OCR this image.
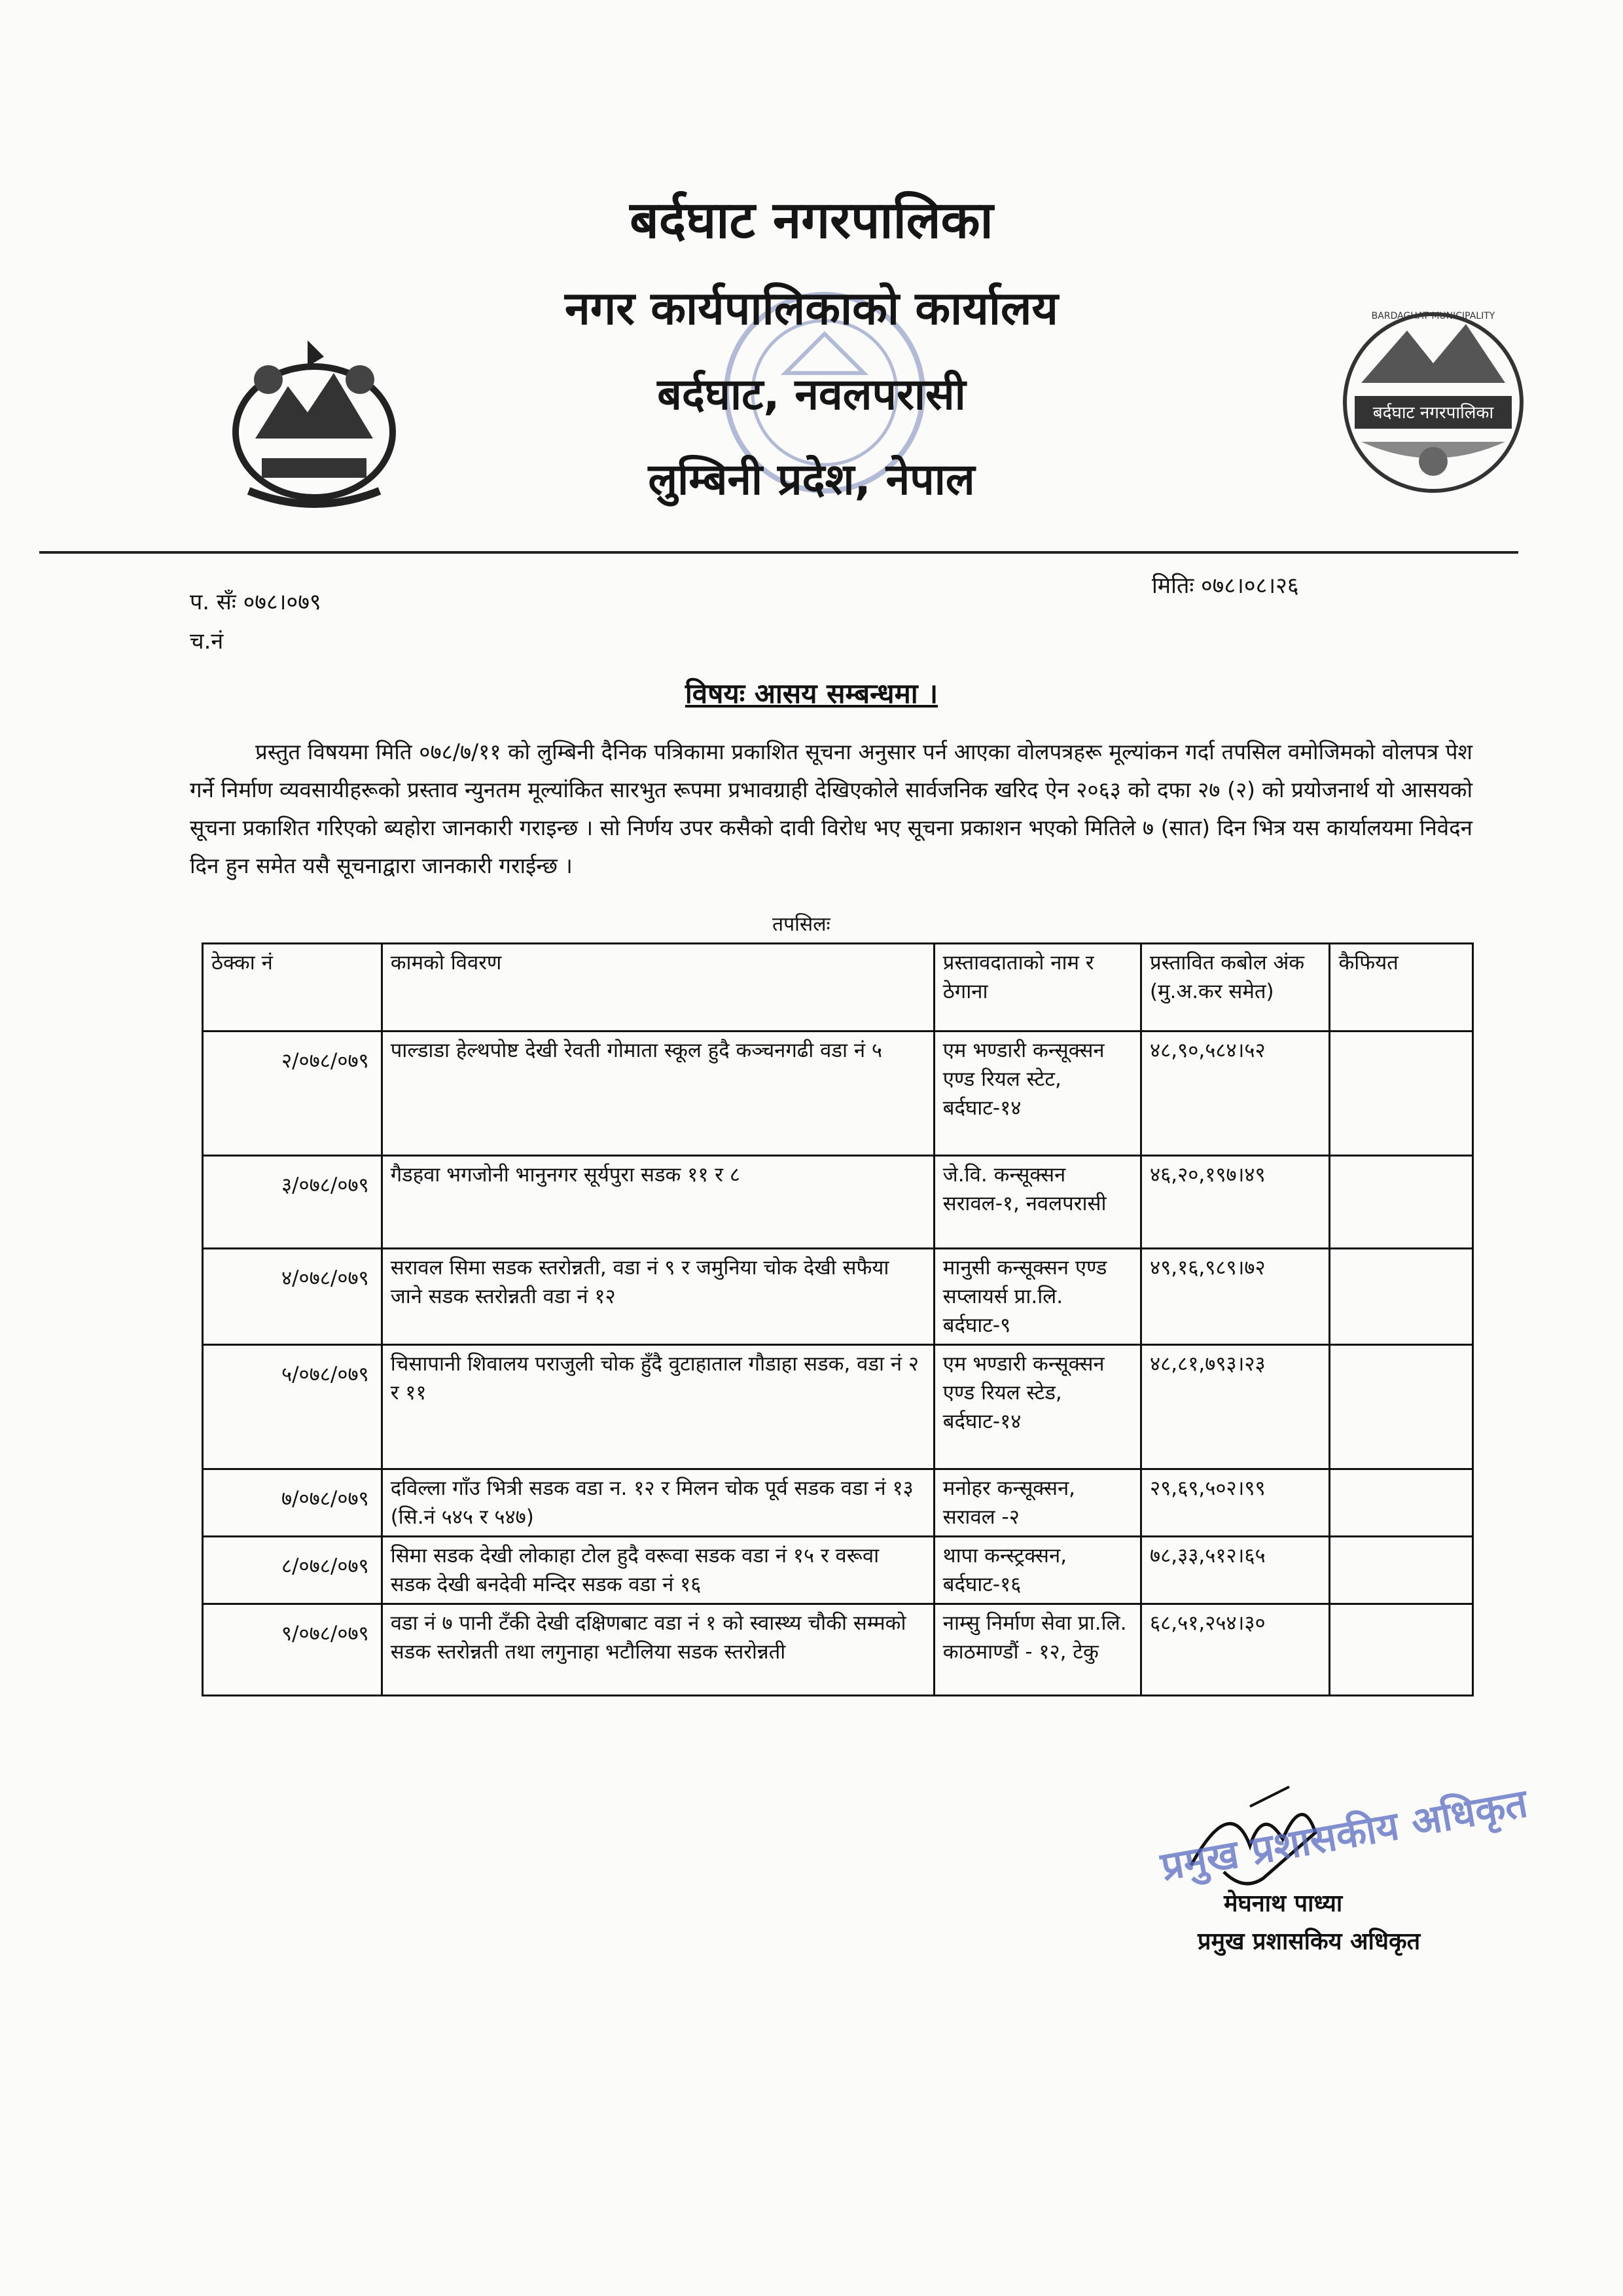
बर्दघाट नगरपालिका
नगर कार्यपालिकाको कार्यालय
बर्दघाट, नवलपरासी
लुम्बिनी प्रदेश, नेपाल
बर्दघाट नगरपालिका
BARDAGHAT MUNICIPALITY
मितिः ०७८।०८।२६
प. सँः ०७८।०७९
च.नं
विषयः आसय सम्बन्धमा ।
प्रस्तुत विषयमा मिति ०७८/७/११ को लुम्बिनी दैनिक पत्रिकामा प्रकाशित सूचना अनुसार पर्न आएका वोलपत्रहरू मूल्यांकन गर्दा तपसिल वमोजिमको वोलपत्र पेश गर्ने निर्माण व्यवसायीहरूको प्रस्ताव न्युनतम मूल्यांकित सारभुत रूपमा प्रभावग्राही देखिएकोले सार्वजनिक खरिद ऐन २०६३ को दफा २७ (२) को प्रयोजनार्थ यो आसयको सूचना प्रकाशित गरिएको ब्यहोरा जानकारी गराइन्छ । सो निर्णय उपर कसैको दावी विरोध भए सूचना प्रकाशन भएकोे मितिले ७ (सात) दिन भित्र यस कार्यालयमा निवेदन दिन हुन समेत यसै सूचनाद्वारा जानकारी गराईन्छ ।
तपसिलः
ठेक्का नं	कामको विवरण	प्रस्तावदाताको नाम र ठेगाना	प्रस्तावित कबोल अंक (मु.अ.कर समेत)	कैफियत
२/०७८/०७९	पाल्डाडा हेल्थपोष्ट देखी रेवती गोमाता स्कूल हुदै कञ्चनगढी वडा नं ५	एम भण्डारी कन्सूक्सन एण्ड रियल स्टेट, बर्दघाट-१४	४८,९०,५८४।५२	
३/०७८/०७९	गैडहवा भगजोनी भानुनगर सूर्यपुरा सडक ११ र ८	जे.वि. कन्सूक्सन सरावल-१, नवलपरासी	४६,२०,१९७।४९	
४/०७८/०७९	सरावल सिमा सडक स्तरोन्नती, वडा नं ९ र जमुनिया चोक देखी सफैया जाने सडक स्तरोन्नती वडा नं १२	मानुसी कन्सूक्सन एण्ड सप्लायर्स प्रा.लि. बर्दघाट-९	४९,१६,९८९।७२	
५/०७८/०७९	चिसापानी शिवालय पराजुली चोक हुँदै वुटाहाताल गौडाहा सडक, वडा नं २ र ११	एम भण्डारी कन्सूक्सन एण्ड रियल स्टेड, बर्दघाट-१४	४८,८१,७९३।२३	
७/०७८/०७९	दविल्ला गाँउ भित्री सडक वडा न. १२ र मिलन चोक पूर्व सडक वडा नं १३ (सि.नं ५४५ र ५४७)	मनोहर कन्सूक्सन, सरावल -२	२९,६९,५०२।९९	
८/०७८/०७९	सिमा सडक देखी लोकाहा टोल हुदै वरूवा सडक वडा नं १५ र वरूवा सडक देखी बनदेवी मन्दिर सडक वडा नं १६	थापा कन्स्ट्रक्सन, बर्दघाट-१६	७८,३३,५१२।६५	
९/०७८/०७९	वडा नं ७ पानी टँकी देखी दक्षिणबाट वडा नं १ को स्वास्थ्य चौकी सम्मको सडक स्तरोन्नती तथा लगुनाहा भटौलिया सडक स्तरोन्नती	नाम्सु निर्माण सेवा प्रा.लि. काठमाण्डौं - १२, टेकु	६८,५१,२५४।३०	
प्रमुख प्रशासकीय अधिकृत
मेघनाथ पाध्या
प्रमुख प्रशासकिय अधिकृत
